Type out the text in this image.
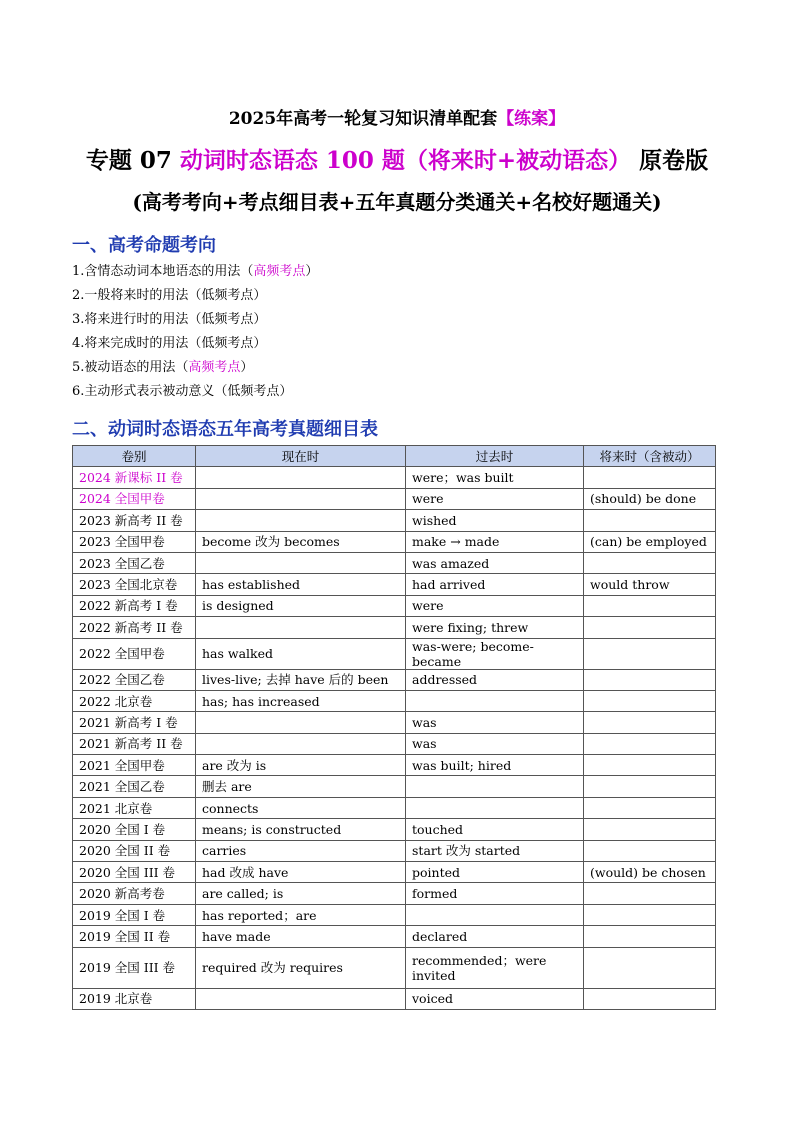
2025年高考一轮复习知识清单配套【练案】
专题 07 动词时态语态 100 题（将来时+被动语态） 原卷版
(高考考向+考点细目表+五年真题分类通关+名校好题通关)
一、高考命题考向
1.含情态动词本地语态的用法（高频考点）
2.一般将来时的用法（低频考点）
3.将来进行时的用法（低频考点）
4.将来完成时的用法（低频考点）
5.被动语态的用法（高频考点）
6.主动形式表示被动意义（低频考点）
二、动词时态语态五年高考真题细目表
卷别	现在时	过去时	将来时（含被动）
2024 新课标 II 卷		were；was built	
2024 全国甲卷		were	(should) be done
2023 新高考 II 卷		wished	
2023 全国甲卷	become 改为 becomes	make → made	(can) be employed
2023 全国乙卷		was amazed	
2023 全国北京卷	has established	had arrived	would throw
2022 新高考 I 卷	is designed	were	
2022 新高考 II 卷		were fixing; threw	
2022 全国甲卷	has walked	was-were; become-became	
2022 全国乙卷	lives-live; 去掉 have 后的 been	addressed	
2022 北京卷	has; has increased		
2021 新高考 I 卷		was	
2021 新高考 II 卷		was	
2021 全国甲卷	are 改为 is	was built; hired	
2021 全国乙卷	删去 are		
2021 北京卷	connects		
2020 全国 I 卷	means; is constructed	touched	
2020 全国 II 卷	carries	start 改为 started	
2020 全国 III 卷	had 改成 have	pointed	(would) be chosen
2020 新高考卷	are called; is	formed	
2019 全国 I 卷	has reported；are		
2019 全国 II 卷	have made	declared	
2019 全国 III 卷	required 改为 requires	recommended；were invited	
2019 北京卷		voiced	
